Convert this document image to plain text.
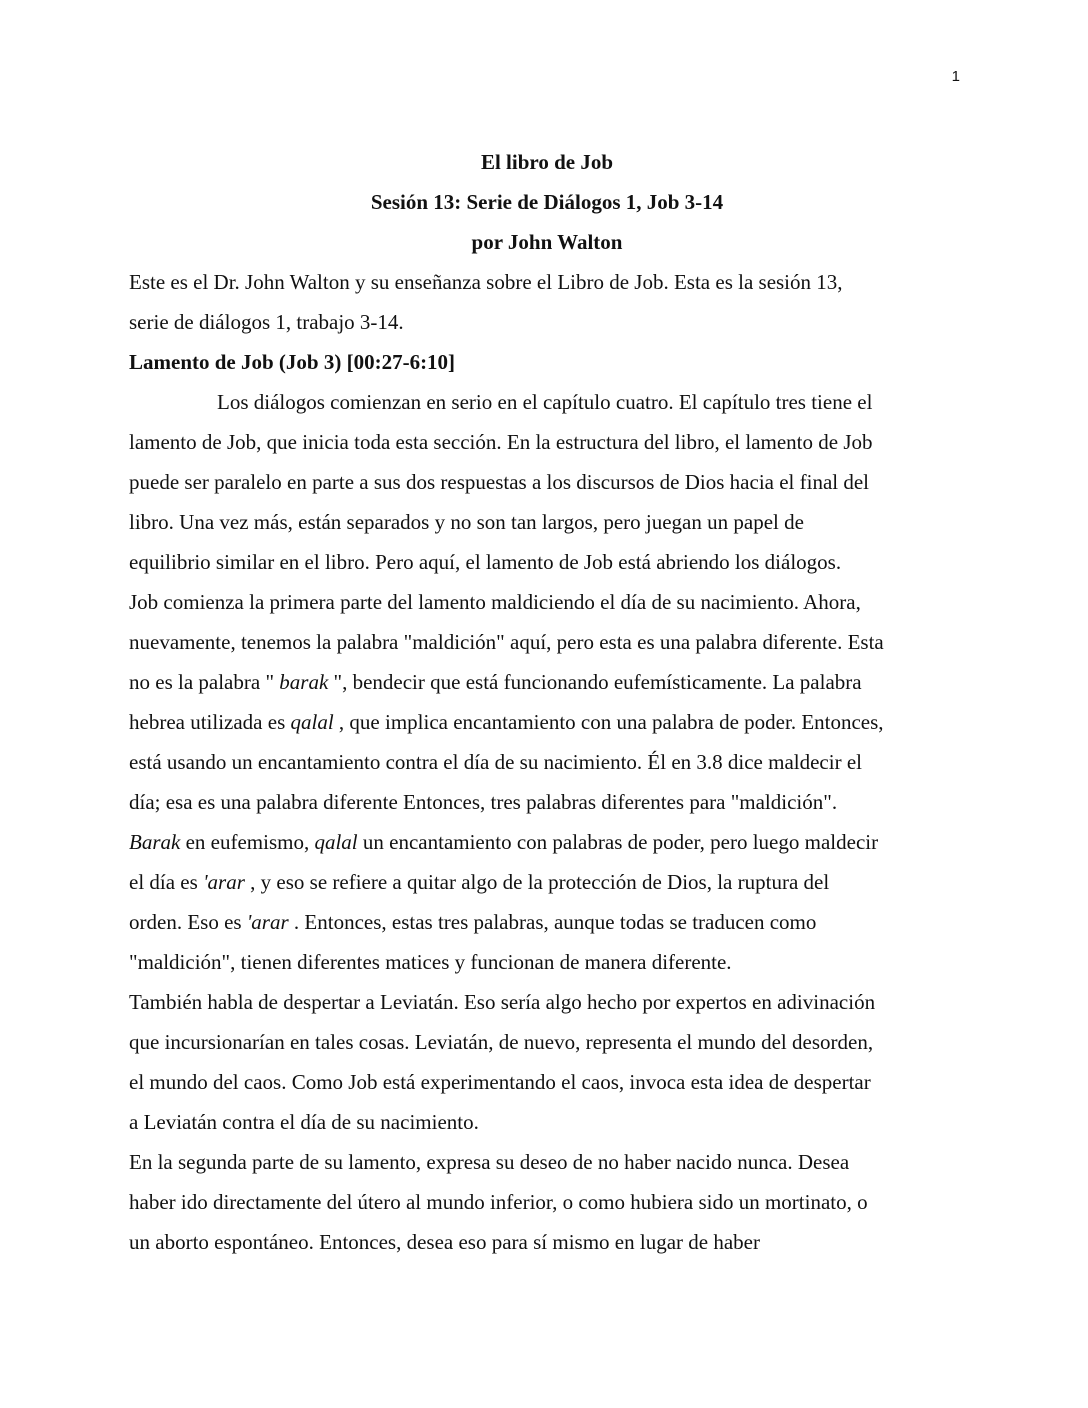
1

El libro de Job

Sesión 13: Serie de Diálogos 1, Job 3-14

por John Walton

Este es el Dr. John Walton y su enseñanza sobre el Libro de Job. Esta es la sesión 13,
serie de diálogos 1, trabajo 3-14.

Lamento de Job (Job 3) [00:27-6:10]

Los diálogos comienzan en serio en el capítulo cuatro. El capítulo tres tiene el
lamento de Job, que inicia toda esta sección. En la estructura del libro, el lamento de Job
puede ser paralelo en parte a sus dos respuestas a los discursos de Dios hacia el final del
libro. Una vez más, están separados y no son tan largos, pero juegan un papel de
equilibrio similar en el libro. Pero aquí, el lamento de Job está abriendo los diálogos.

Job comienza la primera parte del lamento maldiciendo el día de su nacimiento. Ahora,
nuevamente, tenemos la palabra "maldición" aquí, pero esta es una palabra diferente. Esta
no es la palabra " barak ", bendecir que está funcionando eufemísticamente. La palabra
hebrea utilizada es qalal , que implica encantamiento con una palabra de poder. Entonces,
está usando un encantamiento contra el día de su nacimiento. Él en 3.8 dice maldecir el
día; esa es una palabra diferente Entonces, tres palabras diferentes para "maldición".
Barak en eufemismo, qalal un encantamiento con palabras de poder, pero luego maldecir
el día es 'arar , y eso se refiere a quitar algo de la protección de Dios, la ruptura del
orden. Eso es 'arar . Entonces, estas tres palabras, aunque todas se traducen como
"maldición", tienen diferentes matices y funcionan de manera diferente.

También habla de despertar a Leviatán. Eso sería algo hecho por expertos en adivinación
que incursionarían en tales cosas. Leviatán, de nuevo, representa el mundo del desorden,
el mundo del caos. Como Job está experimentando el caos, invoca esta idea de despertar
a Leviatán contra el día de su nacimiento.

En la segunda parte de su lamento, expresa su deseo de no haber nacido nunca. Desea
haber ido directamente del útero al mundo inferior, o como hubiera sido un mortinato, o
un aborto espontáneo. Entonces, desea eso para sí mismo en lugar de haber
